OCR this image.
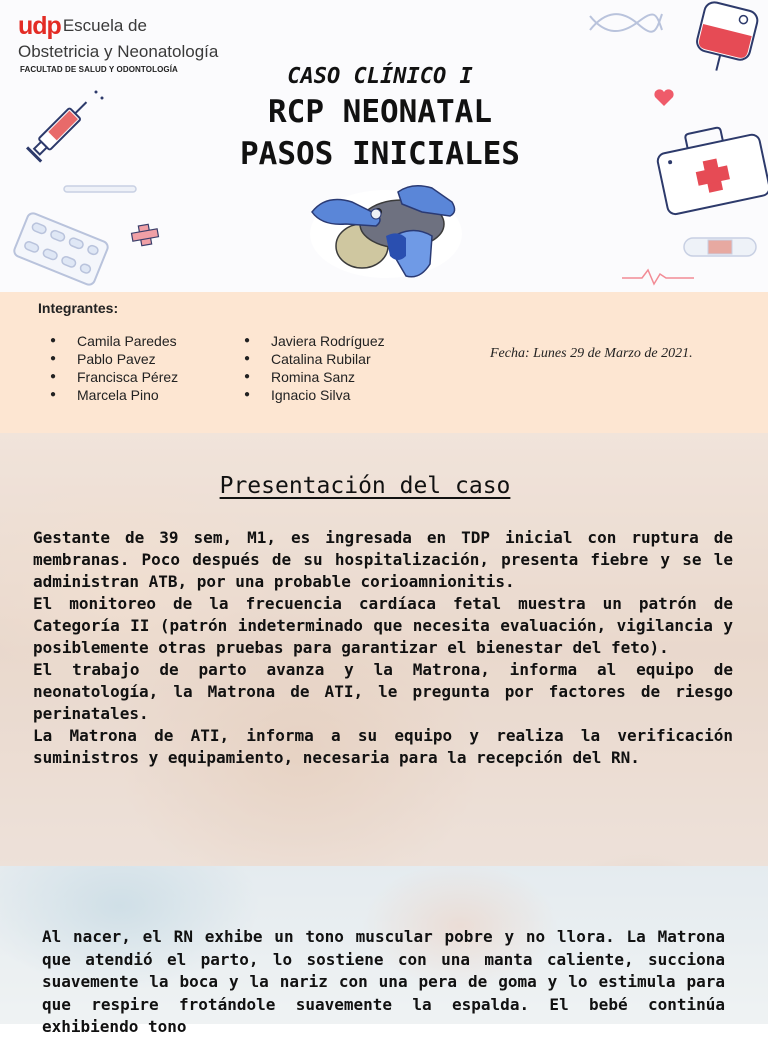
udp Escuela de
Obstetricia y Neonatología
FACULTAD DE SALUD Y ODONTOLOGÍA	CASO CLÍNICO I
RCP NEONATAL
PASOS INICIALES
Integrantes:
● Camila Paredes
● Pablo Pavez
● Francisca Pérez
● Marcela Pino
● Javiera Rodríguez
● Catalina Rubilar
● Romina Sanz
● Ignacio Silva
Fecha: Lunes 29 de Marzo de 2021.
Presentación del caso

Gestante de 39 sem, M1, es ingresada en TDP inicial con ruptura de membranas. Poco después de su hospitalización, presenta fiebre y se le administran ATB, por una probable corioamnionitis.

El monitoreo de la frecuencia cardíaca fetal muestra un patrón de Categoría II (patrón indeterminado que necesita evaluación, vigilancia y posiblemente otras pruebas para garantizar el bienestar del feto).

El trabajo de parto avanza y la Matrona, informa al equipo de neonatología, la Matrona de ATI, le pregunta por factores de riesgo perinatales.

La Matrona de ATI, informa a su equipo y realiza la verificación suministros y equipamiento, necesaria para la recepción del RN.

Al nacer, el RN exhibe un tono muscular pobre y no llora. La Matrona que atendió el parto, lo sostiene con una manta caliente, succiona suavemente la boca y la nariz con una pera de goma y lo estimula para que respire frotándole suavemente la espalda. El bebé continúa exhibiendo tono
